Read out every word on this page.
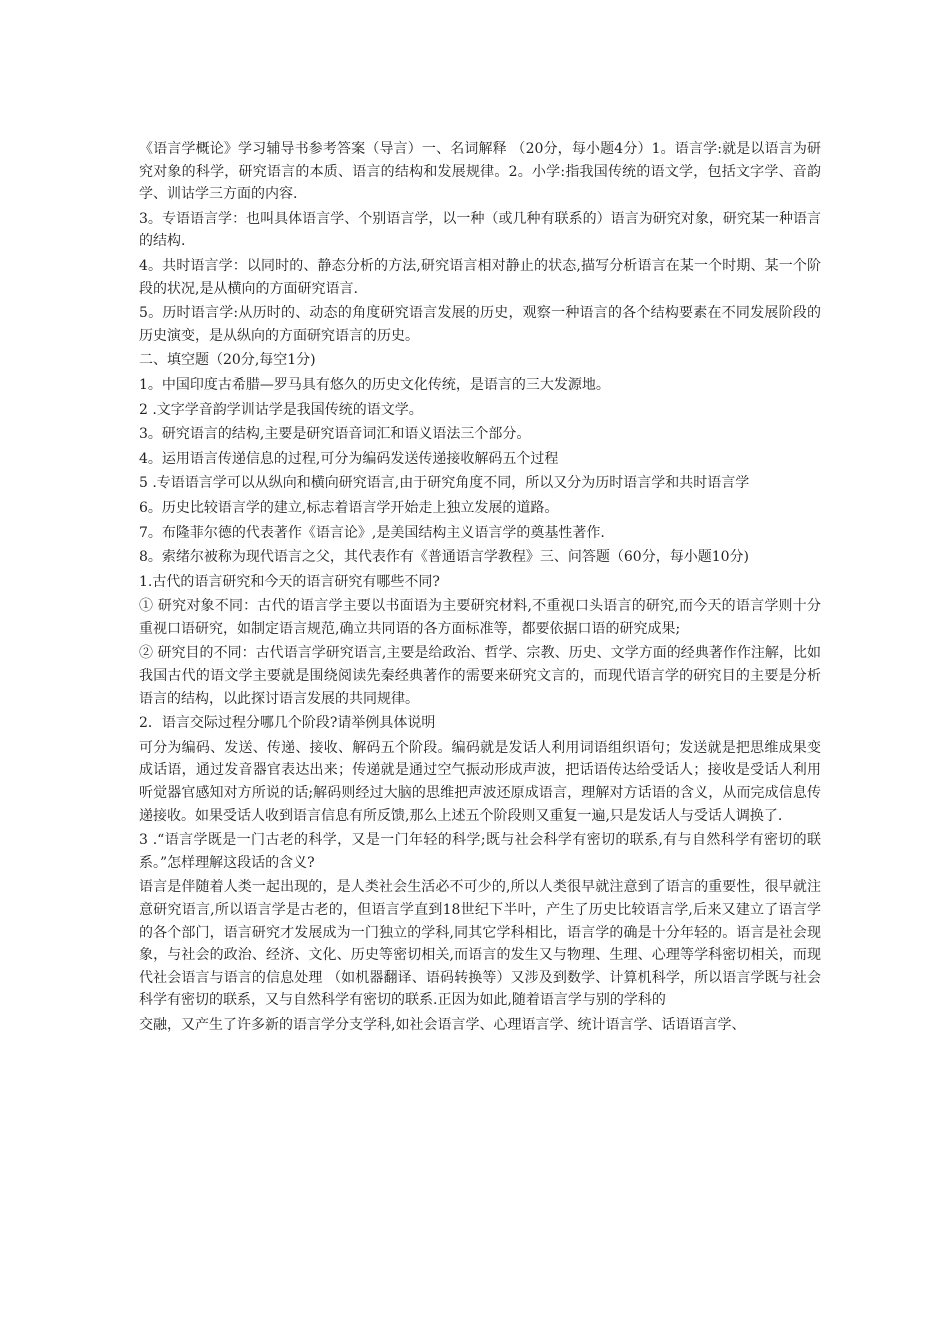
《语言学概论》学习辅导书参考答案（导言）一、名词解释 （20分，每小题4分）1。语言学:就是以语言为研究对象的科学，研究语言的本质、语言的结构和发展规律。2。小学:指我国传统的语文学，包括文字学、音韵学、训诂学三方面的内容.

3。专语语言学：也叫具体语言学、个别语言学，以一种（或几种有联系的）语言为研究对象，研究某一种语言的结构.

4。共时语言学：以同时的、静态分析的方法,研究语言相对静止的状态,描写分析语言在某一个时期、某一个阶段的状况,是从横向的方面研究语言.

5。历时语言学:从历时的、动态的角度研究语言发展的历史，观察一种语言的各个结构要素在不同发展阶段的历史演变，是从纵向的方面研究语言的历史。

二、填空题（20分,每空1分)

1。中国印度古希腊—罗马具有悠久的历史文化传统，是语言的三大发源地。

2 .文字学音韵学训诂学是我国传统的语文学。

3。研究语言的结构,主要是研究语音词汇和语义语法三个部分。

4。运用语言传递信息的过程,可分为编码发送传递接收解码五个过程

5 .专语语言学可以从纵向和横向研究语言,由于研究角度不同，所以又分为历时语言学和共时语言学

6。历史比较语言学的建立,标志着语言学开始走上独立发展的道路。

7。布隆菲尔德的代表著作《语言论》,是美国结构主义语言学的奠基性著作.

8。索绪尔被称为现代语言之父，其代表作有《普通语言学教程》三、问答题（60分，每小题10分)

1.古代的语言研究和今天的语言研究有哪些不同?

① 研究对象不同：古代的语言学主要以书面语为主要研究材料,不重视口头语言的研究,而今天的语言学则十分重视口语研究，如制定语言规范,确立共同语的各方面标准等，都要依据口语的研究成果;

② 研究目的不同：古代语言学研究语言,主要是给政治、哲学、宗教、历史、文学方面的经典著作作注解，比如我国古代的语文学主要就是围绕阅读先秦经典著作的需要来研究文言的，而现代语言学的研究目的主要是分析语言的结构，以此探讨语言发展的共同规律。

2．语言交际过程分哪几个阶段?请举例具体说明

可分为编码、发送、传递、接收、解码五个阶段。编码就是发话人利用词语组织语句；发送就是把思维成果变成话语，通过发音器官表达出来；传递就是通过空气振动形成声波，把话语传达给受话人；接收是受话人利用听觉器官感知对方所说的话;解码则经过大脑的思维把声波还原成语言，理解对方话语的含义，从而完成信息传递接收。如果受话人收到语言信息有所反馈,那么上述五个阶段则又重复一遍,只是发话人与受话人调换了.

3 .“语言学既是一门古老的科学，又是一门年轻的科学;既与社会科学有密切的联系,有与自然科学有密切的联系。”怎样理解这段话的含义?

语言是伴随着人类一起出现的，是人类社会生活必不可少的,所以人类很早就注意到了语言的重要性，很早就注意研究语言,所以语言学是古老的，但语言学直到18世纪下半叶，产生了历史比较语言学,后来又建立了语言学的各个部门，语言研究才发展成为一门独立的学科,同其它学科相比，语言学的确是十分年轻的。语言是社会现象，与社会的政治、经济、文化、历史等密切相关,而语言的发生又与物理、生理、心理等学科密切相关，而现代社会语言与语言的信息处理 （如机器翻译、语码转换等）又涉及到数学、计算机科学，所以语言学既与社会科学有密切的联系，又与自然科学有密切的联系.正因为如此,随着语言学与别的学科的

交融，又产生了许多新的语言学分支学科,如社会语言学、心理语言学、统计语言学、话语语言学、
